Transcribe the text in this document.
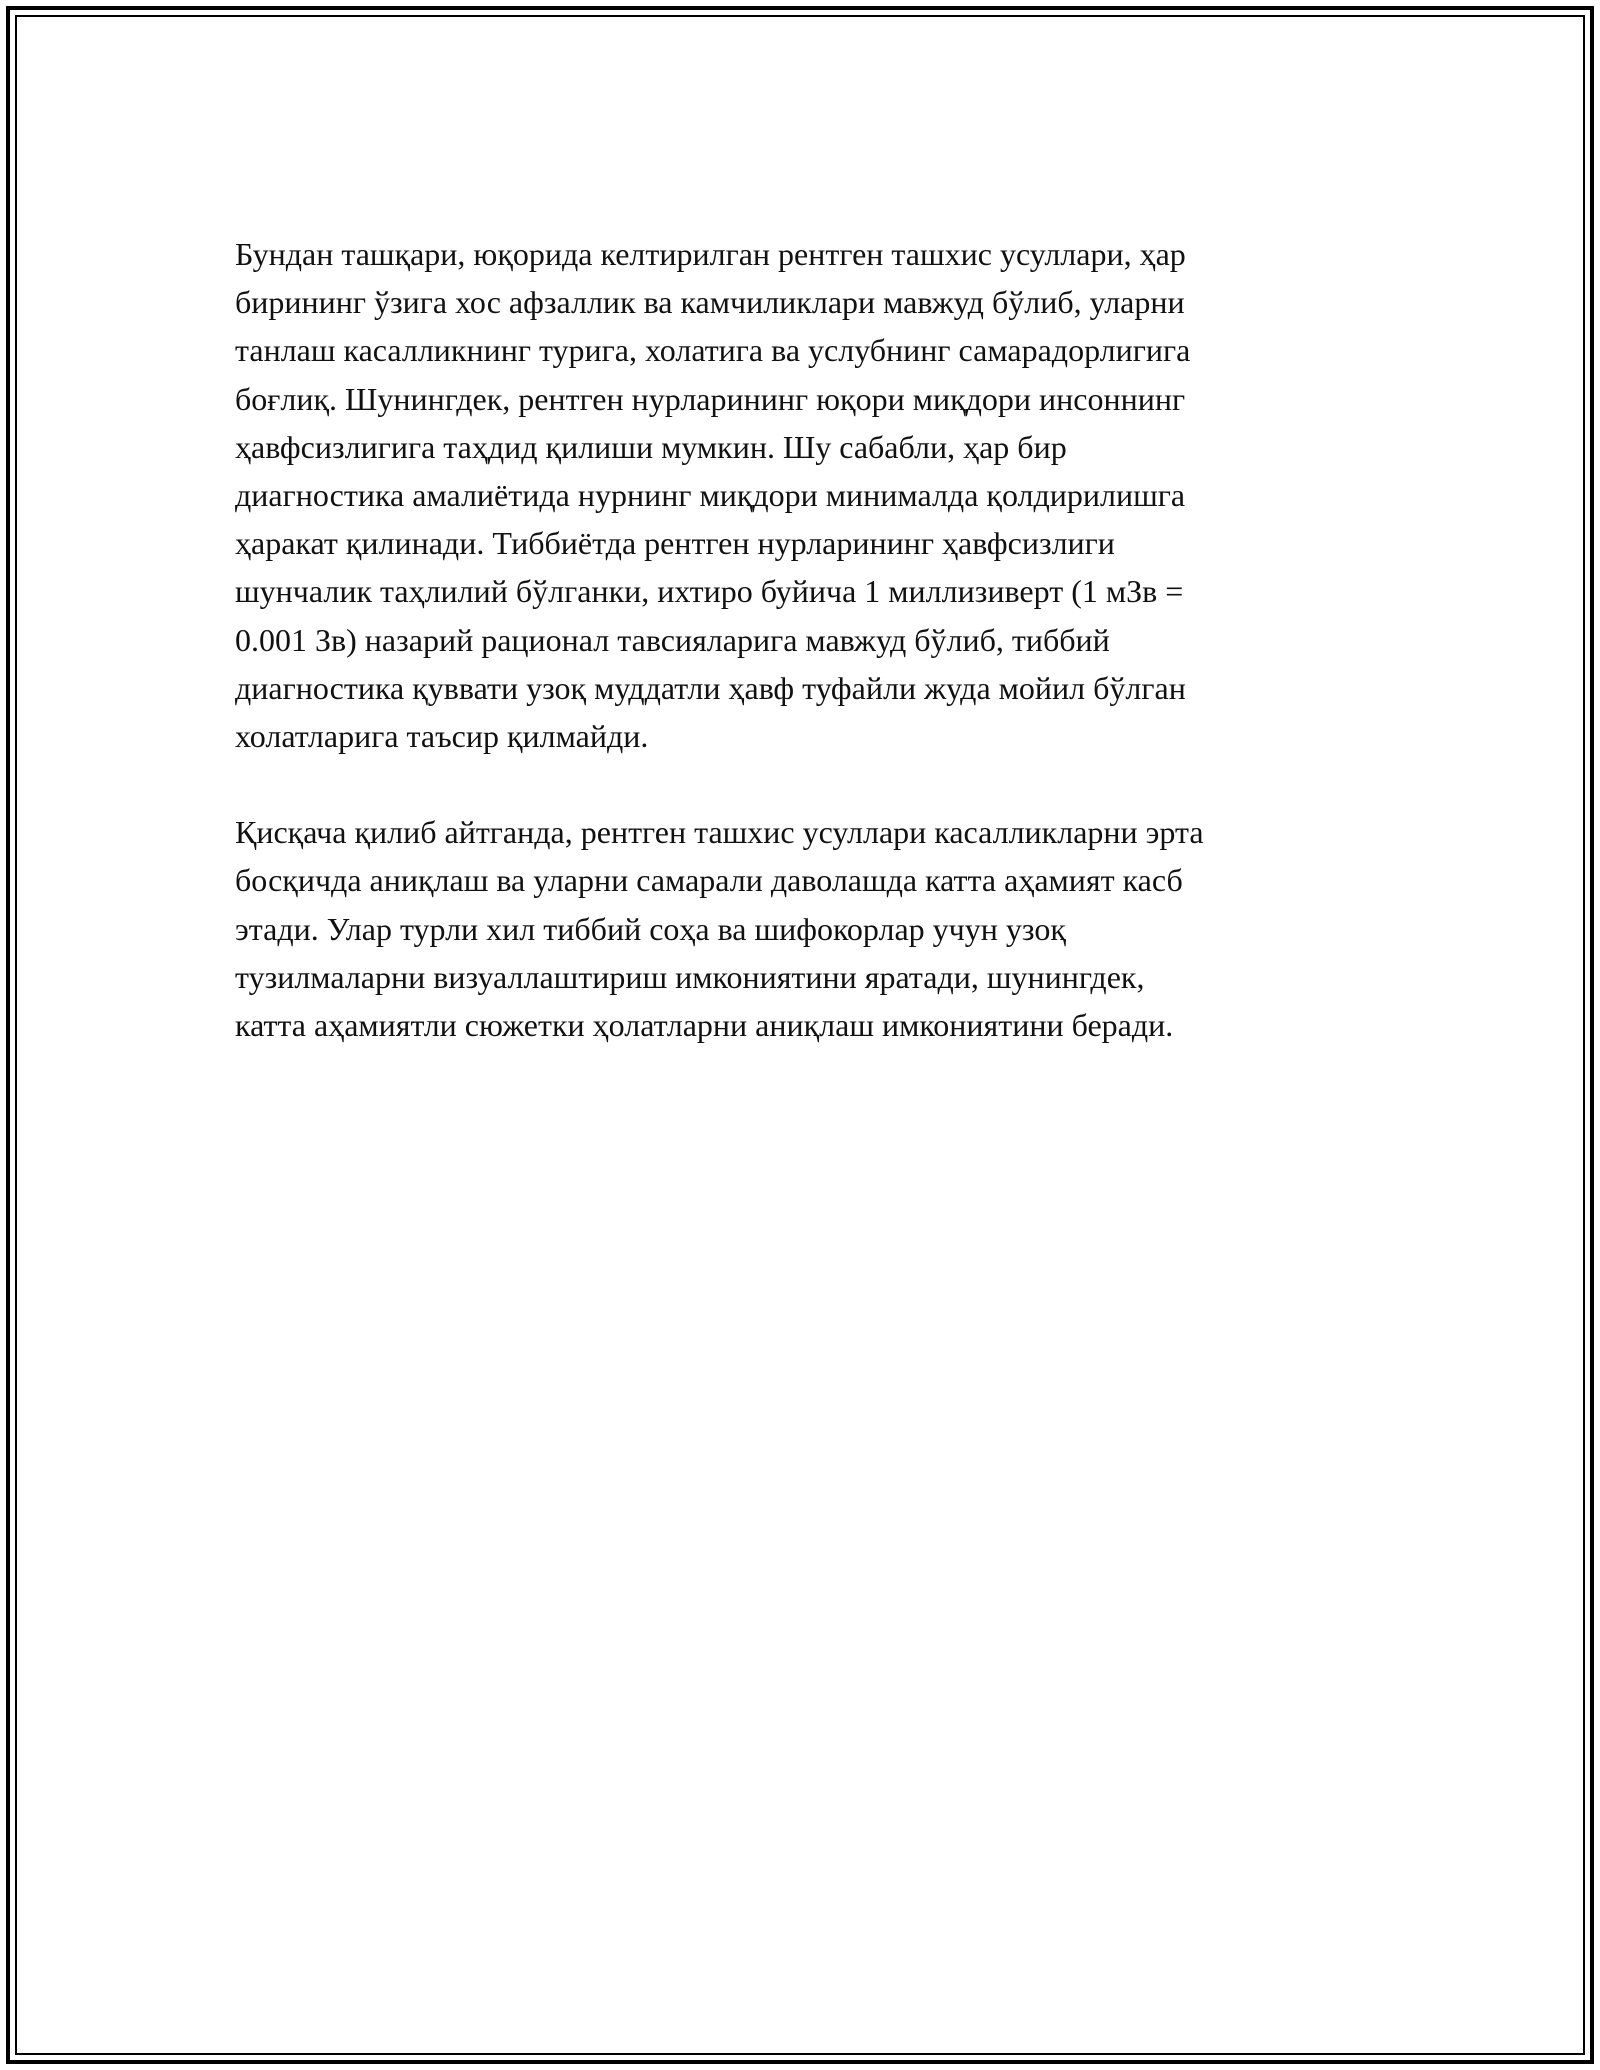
Бундан ташқари, юқорида келтирилган рентген ташхис усуллари, ҳар
бирининг ўзига хос афзаллик ва камчиликлари мавжуд бўлиб, уларни
танлаш касалликнинг турига, холатига ва услубнинг самарадорлигига
боғлиқ. Шунингдек, рентген нурларининг юқори миқдори инсоннинг
ҳавфсизлигига таҳдид қилиши мумкин. Шу сабабли, ҳар бир
диагностика амалиётида нурнинг миқдори минималда қолдирилишга
ҳаракат қилинади. Тиббиётда рентген нурларининг ҳавфсизлиги
шунчалик таҳлилий бўлганки, ихтиро буйича 1 миллизиверт (1 мЗв =
0.001 Зв) назарий рационал тавсияларига мавжуд бўлиб, тиббий
диагностика қуввати узоқ муддатли ҳавф туфайли жуда мойил бўлган
холатларига таъсир қилмайди.

Қисқача қилиб айтганда, рентген ташхис усуллари касалликларни эрта
босқичда аниқлаш ва уларни самарали даволашда катта аҳамият касб
этади. Улар турли хил тиббий соҳа ва шифокорлар учун узоқ
тузилмаларни визуаллаштириш имкониятини яратади, шунингдек,
катта аҳамиятли сюжетки ҳолатларни аниқлаш имкониятини беради.
